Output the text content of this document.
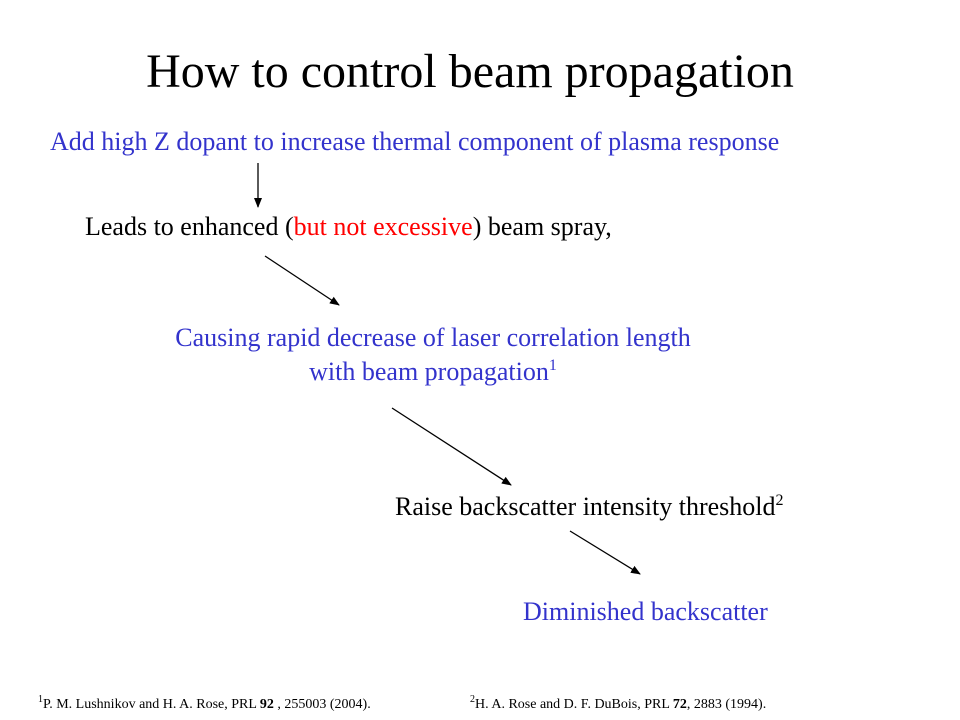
How to control beam propagation
Add high Z dopant to increase thermal component of plasma response
Leads to enhanced (but not excessive) beam spray,
Causing rapid decrease of laser correlation length
with beam propagation$^1$
Raise backscatter intensity threshold$^2$
Diminished backscatter
$^1$P. M. Lushnikov and H. A. Rose, PRL 92 , 255003 (2004).	$^2$H. A. Rose and D. F. DuBois, PRL 72, 2883 (1994).
